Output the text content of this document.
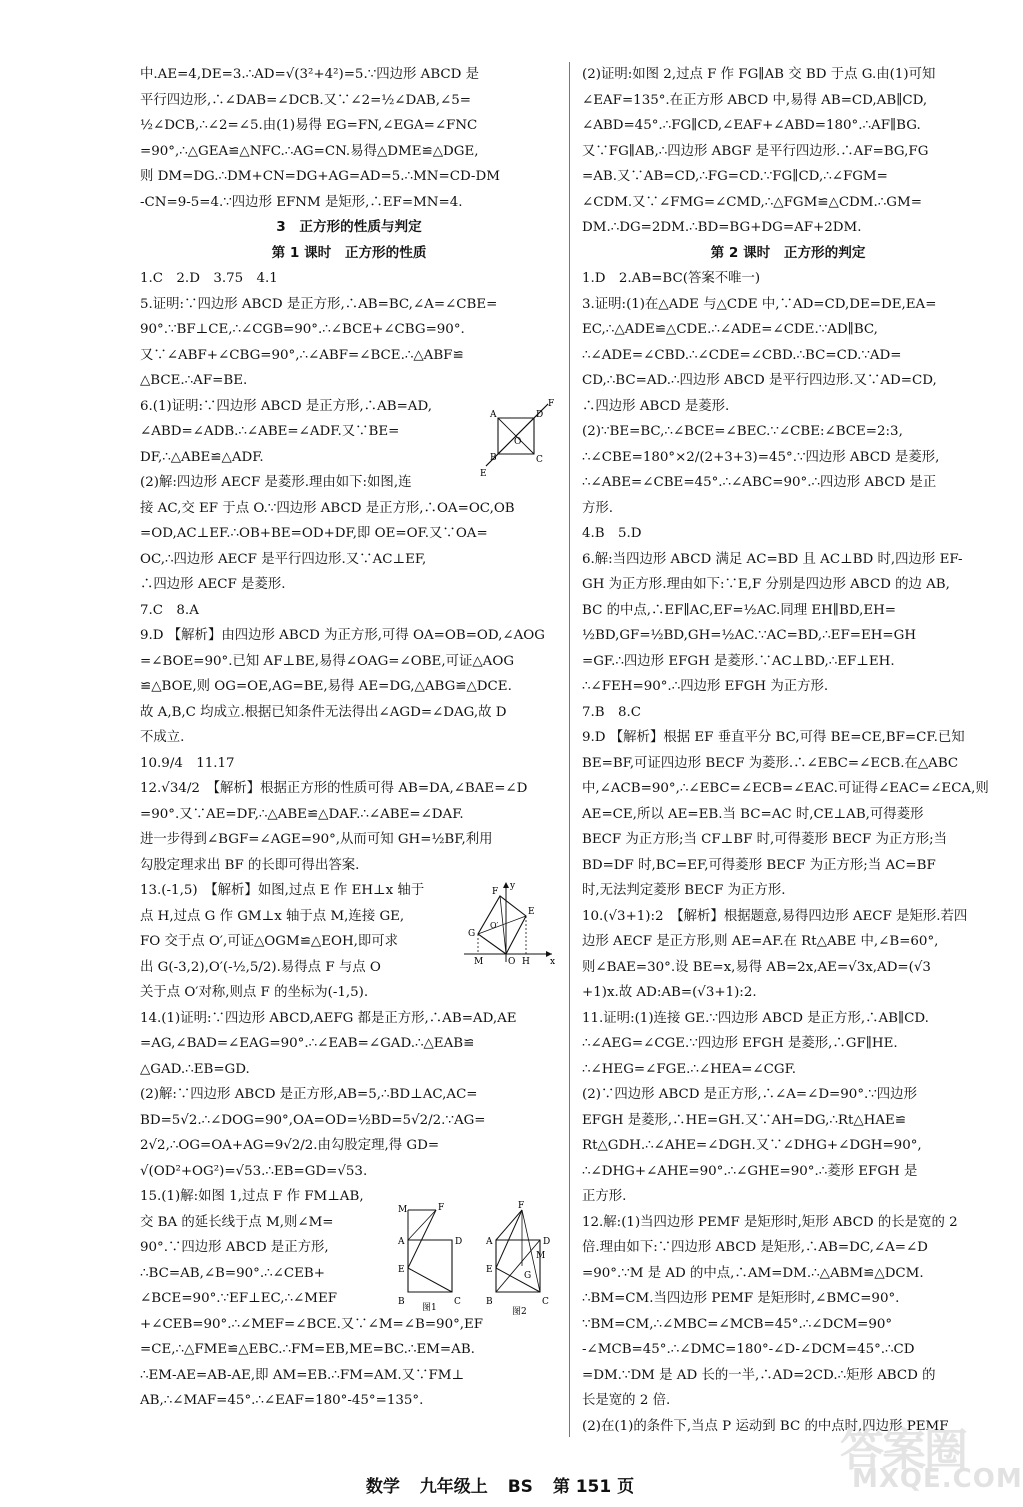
中.AE=4,DE=3.∴AD=√(3²+4²)=5.∵四边形 ABCD 是
平行四边形,∴∠DAB=∠DCB.又∵∠2=½∠DAB,∠5=
½∠DCB,∴∠2=∠5.由(1)易得 EG=FN,∠EGA=∠FNC
=90°,∴△GEA≌△NFC.∴AG=CN.易得△DME≌△DGE,
则 DM=DG.∴DM+CN=DG+AG=AD=5.∴MN=CD-DM
-CN=9-5=4.∵四边形 EFNM 是矩形,∴EF=MN=4.
3　正方形的性质与判定
第 1 课时　正方形的性质
1.C　2.D　3.75　4.1
5.证明:∵四边形 ABCD 是正方形,∴AB=BC,∠A=∠CBE=
90°.∵BF⊥CE,∴∠CGB=90°.∴∠BCE+∠CBG=90°.
又∵∠ABF+∠CBG=90°,∴∠ABF=∠BCE.∴△ABF≌
△BCE.∴AF=BE.
6.(1)证明:∵四边形 ABCD 是正方形,∴AB=AD,
∠ABD=∠ADB.∴∠ABE=∠ADF.又∵BE=
DF,∴△ABE≌△ADF.
(2)解:四边形 AECF 是菱形.理由如下:如图,连
接 AC,交 EF 于点 O.∵四边形 ABCD 是正方形,∴OA=OC,OB
=OD,AC⊥EF.∴OB+BE=OD+DF,即 OE=OF.又∵OA=
OC,∴四边形 AECF 是平行四边形.又∵AC⊥EF,
∴四边形 AECF 是菱形.
7.C　8.A
9.D 【解析】由四边形 ABCD 为正方形,可得 OA=OB=OD,∠AOG
=∠BOE=90°.已知 AF⊥BE,易得∠OAG=∠OBE,可证△AOG
≌△BOE,则 OG=OE,AG=BE,易得 AE=DG,△ABG≌△DCE.
故 A,B,C 均成立.根据已知条件无法得出∠AGD=∠DAG,故 D
不成立.
10.9/4　11.17
12.√34/2　【解析】根据正方形的性质可得 AB=DA,∠BAE=∠D
=90°.又∵AE=DF,∴△ABE≌△DAF.∴∠ABE=∠DAF.
进一步得到∠BGF=∠AGE=90°,从而可知 GH=½BF,利用
勾股定理求出 BF 的长即可得出答案.
13.(-1,5)　【解析】如图,过点 E 作 EH⊥x 轴于
点 H,过点 G 作 GM⊥x 轴于点 M,连接 GE,
FO 交于点 O′,可证△OGM≌△EOH,即可求
出 G(-3,2),O′(-½,5/2).易得点 F 与点 O
关于点 O′对称,则点 F 的坐标为(-1,5).
14.(1)证明:∵四边形 ABCD,AEFG 都是正方形,∴AB=AD,AE
=AG,∠BAD=∠EAG=90°.∴∠EAB=∠GAD.∴△EAB≌
△GAD.∴EB=GD.
(2)解:∵四边形 ABCD 是正方形,AB=5,∴BD⊥AC,AC=
BD=5√2.∴∠DOG=90°,OA=OD=½BD=5√2/2.∵AG=
2√2,∴OG=OA+AG=9√2/2.由勾股定理,得 GD=
√(OD²+OG²)=√53.∴EB=GD=√53.
15.(1)解:如图 1,过点 F 作 FM⊥AB,
交 BA 的延长线于点 M,则∠M=
90°.∵四边形 ABCD 是正方形,
∴BC=AB,∠B=90°.∴∠CEB+
∠BCE=90°.∵EF⊥EC,∴∠MEF
+∠CEB=90°.∴∠MEF=∠BCE.又∵∠M=∠B=90°,EF
=CE,∴△FME≌△EBC.∴FM=EB,ME=BC.∴EM=AB.
∴EM-AE=AB-AE,即 AM=EB.∴FM=AM.又∵FM⊥
AB,∴∠MAF=45°.∴∠EAF=180°-45°=135°.
(2)证明:如图 2,过点 F 作 FG∥AB 交 BD 于点 G.由(1)可知
∠EAF=135°.在正方形 ABCD 中,易得 AB=CD,AB∥CD,
∠ABD=45°.∴FG∥CD,∠EAF+∠ABD=180°.∴AF∥BG.
又∵FG∥AB,∴四边形 ABGF 是平行四边形.∴AF=BG,FG
=AB.又∵AB=CD,∴FG=CD.∵FG∥CD,∴∠FGM=
∠CDM.又∵∠FMG=∠CMD,∴△FGM≌△CDM.∴GM=
DM.∴DG=2DM.∴BD=BG+DG=AF+2DM.
第 2 课时　正方形的判定
1.D　2.AB=BC(答案不唯一)
3.证明:(1)在△ADE 与△CDE 中,∵AD=CD,DE=DE,EA=
EC,∴△ADE≌△CDE.∴∠ADE=∠CDE.∵AD∥BC,
∴∠ADE=∠CBD.∴∠CDE=∠CBD.∴BC=CD.∵AD=
CD,∴BC=AD.∴四边形 ABCD 是平行四边形.又∵AD=CD,
∴四边形 ABCD 是菱形.
(2)∵BE=BC,∴∠BCE=∠BEC.∵∠CBE:∠BCE=2:3,
∴∠CBE=180°×2/(2+3+3)=45°.∵四边形 ABCD 是菱形,
∴∠ABE=∠CBE=45°.∴∠ABC=90°.∴四边形 ABCD 是正
方形.
4.B　5.D
6.解:当四边形 ABCD 满足 AC=BD 且 AC⊥BD 时,四边形 EF-
GH 为正方形.理由如下:∵E,F 分别是四边形 ABCD 的边 AB,
BC 的中点,∴EF∥AC,EF=½AC.同理 EH∥BD,EH=
½BD,GF=½BD,GH=½AC.∵AC=BD,∴EF=EH=GH
=GF.∴四边形 EFGH 是菱形.∵AC⊥BD,∴EF⊥EH.
∴∠FEH=90°.∴四边形 EFGH 为正方形.
7.B　8.C
9.D 【解析】根据 EF 垂直平分 BC,可得 BE=CE,BF=CF.已知
BE=BF,可证四边形 BECF 为菱形.∴∠EBC=∠ECB.在△ABC
中,∠ACB=90°,∴∠EBC=∠ECB=∠EAC.可证得∠EAC=∠ECA,则
AE=CE,所以 AE=EB.当 BC=AC 时,CE⊥AB,可得菱形
BECF 为正方形;当 CF⊥BF 时,可得菱形 BECF 为正方形;当
BD=DF 时,BC=EF,可得菱形 BECF 为正方形;当 AC=BF
时,无法判定菱形 BECF 为正方形.
10.(√3+1):2　【解析】根据题意,易得四边形 AECF 是矩形.若四
边形 AECF 是正方形,则 AE=AF.在 Rt△ABE 中,∠B=60°,
则∠BAE=30°.设 BE=x,易得 AB=2x,AE=√3x,AD=(√3
+1)x.故 AD:AB=(√3+1):2.
11.证明:(1)连接 GE.∵四边形 ABCD 是正方形,∴AB∥CD.
∴∠AEG=∠CGE.∵四边形 EFGH 是菱形,∴GF∥HE.
∴∠HEG=∠FGE.∴∠HEA=∠CGF.
(2)∵四边形 ABCD 是正方形,∴∠A=∠D=90°.∵四边形
EFGH 是菱形,∴HE=GH.又∵AH=DG,∴Rt△HAE≌
Rt△GDH.∴∠AHE=∠DGH.又∵∠DHG+∠DGH=90°,
∴∠DHG+∠AHE=90°.∴∠GHE=90°.∴菱形 EFGH 是
正方形.
12.解:(1)当四边形 PEMF 是矩形时,矩形 ABCD 的长是宽的 2
倍.理由如下:∵四边形 ABCD 是矩形,∴AB=DC,∠A=∠D
=90°.∵M 是 AD 的中点,∴AM=DM.∴△ABM≌△DCM.
∴BM=CM.当四边形 PEMF 是矩形时,∠BMC=90°.
∵BM=CM,∴∠MBC=∠MCB=45°.∴∠DCM=90°
-∠MCB=45°.∴∠DMC=180°-∠D-∠DCM=45°.∴CD
=DM.∵DM 是 AD 长的一半,∴AD=2CD.∴矩形 ABCD 的
长是宽的 2 倍.
(2)在(1)的条件下,当点 P 运动到 BC 的中点时,四边形 PEMF
F
A	D
O
B	C
E
y
F
E
G
O′
M	O H x
M	F
A	D
E
B	C
图1
F
A	D
E
M
G
B	C
图2
数学 九年级上 BS 第 151 页
答案圈
MXQE.COM
